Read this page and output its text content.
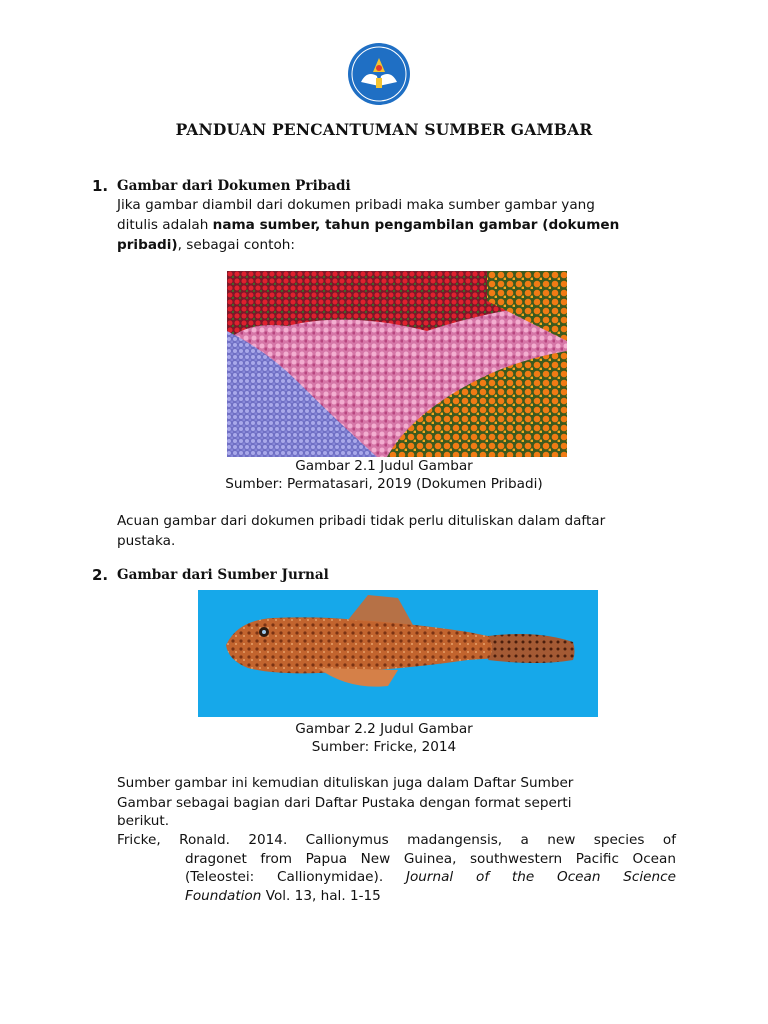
PANDUAN PENCANTUMAN SUMBER GAMBAR
1. Gambar dari Dokumen Pribadi
Jika gambar diambil dari dokumen pribadi maka sumber gambar yang
ditulis adalah nama sumber, tahun pengambilan gambar (dokumen
pribadi), sebagai contoh:
Gambar 2.1 Judul Gambar
Sumber: Permatasari, 2019 (Dokumen Pribadi)
Acuan gambar dari dokumen pribadi tidak perlu dituliskan dalam daftar
pustaka.
2. Gambar dari Sumber Jurnal
Gambar 2.2 Judul Gambar
Sumber: Fricke, 2014
Sumber gambar ini kemudian dituliskan juga dalam Daftar Sumber
Gambar sebagai bagian dari Daftar Pustaka dengan format seperti
berikut.
Fricke, Ronald. 2014. Callionymus madangensis, a new species of
dragonet from Papua New Guinea, southwestern Pacific Ocean
(Teleostei: Callionymidae). Journal of the Ocean Science
Foundation Vol. 13, hal. 1-15
